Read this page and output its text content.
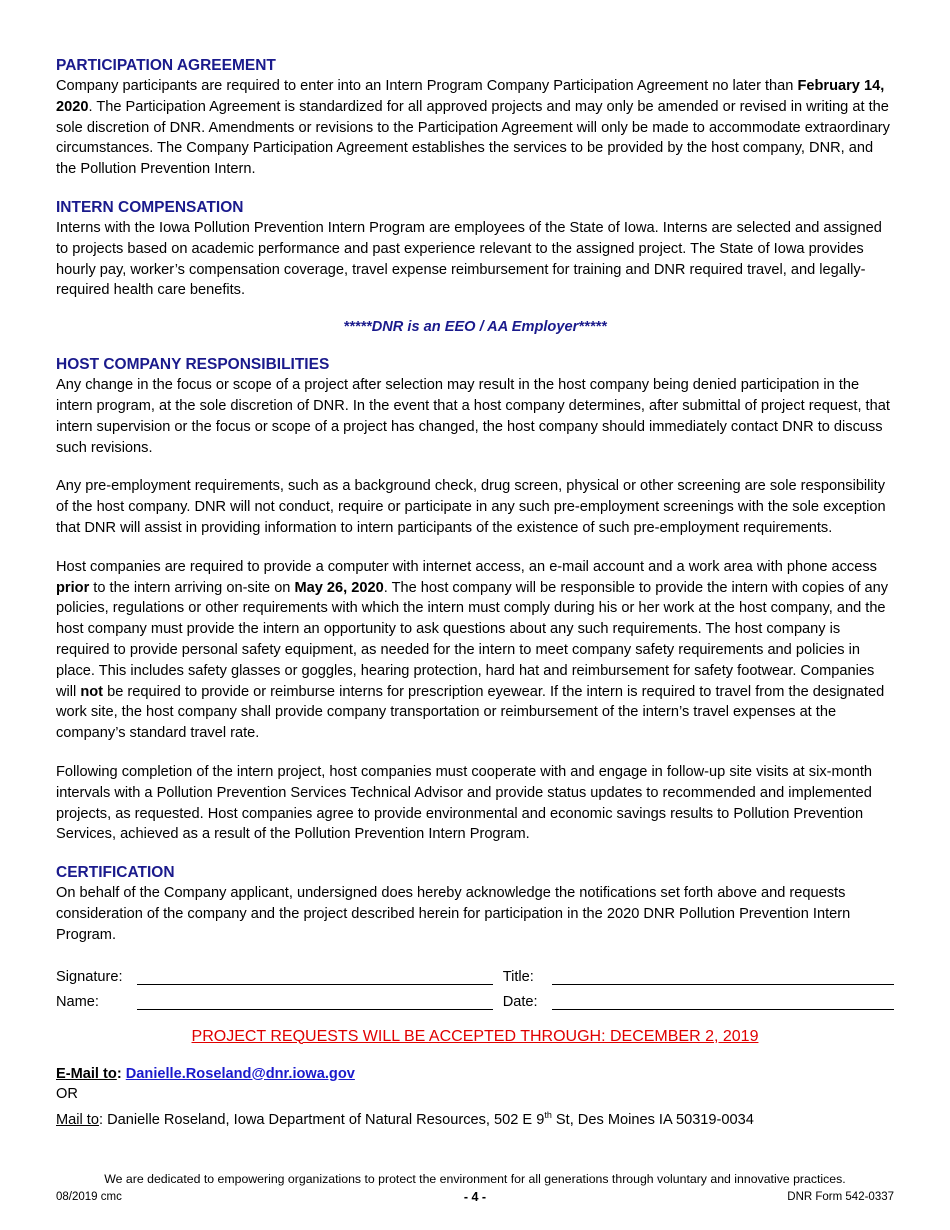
PARTICIPATION AGREEMENT

Company participants are required to enter into an Intern Program Company Participation Agreement no later than February 14, 2020. The Participation Agreement is standardized for all approved projects and may only be amended or revised in writing at the sole discretion of DNR. Amendments or revisions to the Participation Agreement will only be made to accommodate extraordinary circumstances. The Company Participation Agreement establishes the services to be provided by the host company, DNR, and the Pollution Prevention Intern.

INTERN COMPENSATION

Interns with the Iowa Pollution Prevention Intern Program are employees of the State of Iowa. Interns are selected and assigned to projects based on academic performance and past experience relevant to the assigned project. The State of Iowa provides hourly pay, worker’s compensation coverage, travel expense reimbursement for training and DNR required travel, and legally-required health care benefits.

*****DNR is an EEO / AA Employer*****

HOST COMPANY RESPONSIBILITIES

Any change in the focus or scope of a project after selection may result in the host company being denied participation in the intern program, at the sole discretion of DNR. In the event that a host company determines, after submittal of project request, that intern supervision or the focus or scope of a project has changed, the host company should immediately contact DNR to discuss such revisions.

Any pre-employment requirements, such as a background check, drug screen, physical or other screening are sole responsibility of the host company. DNR will not conduct, require or participate in any such pre-employment screenings with the sole exception that DNR will assist in providing information to intern participants of the existence of such pre-employment requirements.

Host companies are required to provide a computer with internet access, an e-mail account and a work area with phone access prior to the intern arriving on-site on May 26, 2020. The host company will be responsible to provide the intern with copies of any policies, regulations or other requirements with which the intern must comply during his or her work at the host company, and the host company must provide the intern an opportunity to ask questions about any such requirements. The host company is required to provide personal safety equipment, as needed for the intern to meet company safety requirements and policies in place. This includes safety glasses or goggles, hearing protection, hard hat and reimbursement for safety footwear. Companies will not be required to provide or reimburse interns for prescription eyewear. If the intern is required to travel from the designated work site, the host company shall provide company transportation or reimbursement of the intern’s travel expenses at the company’s standard travel rate.

Following completion of the intern project, host companies must cooperate with and engage in follow-up site visits at six-month intervals with a Pollution Prevention Services Technical Advisor and provide status updates to recommended and implemented projects, as requested. Host companies agree to provide environmental and economic savings results to Pollution Prevention Services, achieved as a result of the Pollution Prevention Intern Program.

CERTIFICATION

On behalf of the Company applicant, undersigned does hereby acknowledge the notifications set forth above and requests consideration of the company and the project described herein for participation in the 2020 DNR Pollution Prevention Intern Program.

Signature:	Title:
Name:	Date:

PROJECT REQUESTS WILL BE ACCEPTED THROUGH: DECEMBER 2, 2019

E-Mail to: Danielle.Roseland@dnr.iowa.gov
OR
Mail to: Danielle Roseland, Iowa Department of Natural Resources, 502 E 9th St, Des Moines IA 50319-0034
We are dedicated to empowering organizations to protect the environment for all generations through voluntary and innovative practices.
08/2019 cmc	- 4 -	DNR Form 542-0337
